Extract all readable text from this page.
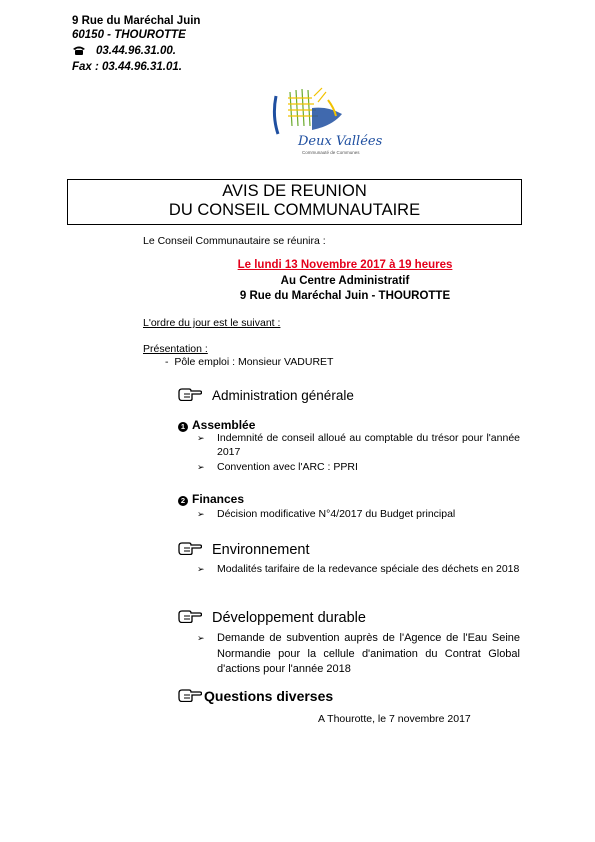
9 Rue du Maréchal Juin
60150 - THOUROTTE
03.44.96.31.00.
Fax : 03.44.96.31.01.
Deux Vallées
Communauté de Communes
AVIS DE REUNION
DU CONSEIL COMMUNAUTAIRE
Le Conseil Communautaire se réunira :
Le lundi 13 Novembre 2017 à 19 heures
Au Centre Administratif
9 Rue du Maréchal Juin - THOUROTTE
L'ordre du jour est le suivant :
Présentation :
-  Pôle emploi : Monsieur VADURET
Administration générale
1 Assemblée
➢ Indemnité de conseil alloué au comptable du trésor pour l'année 2017
➢ Convention avec l'ARC : PPRI
2 Finances
➢ Décision modificative N°4/2017 du Budget principal
Environnement
➢ Modalités tarifaire de la redevance spéciale des déchets en 2018
Développement durable
➢ Demande de subvention auprès de l'Agence de l'Eau Seine Normandie pour la cellule d'animation du Contrat Global d'actions pour l'année 2018
Questions diverses
A Thourotte, le 7 novembre 2017
